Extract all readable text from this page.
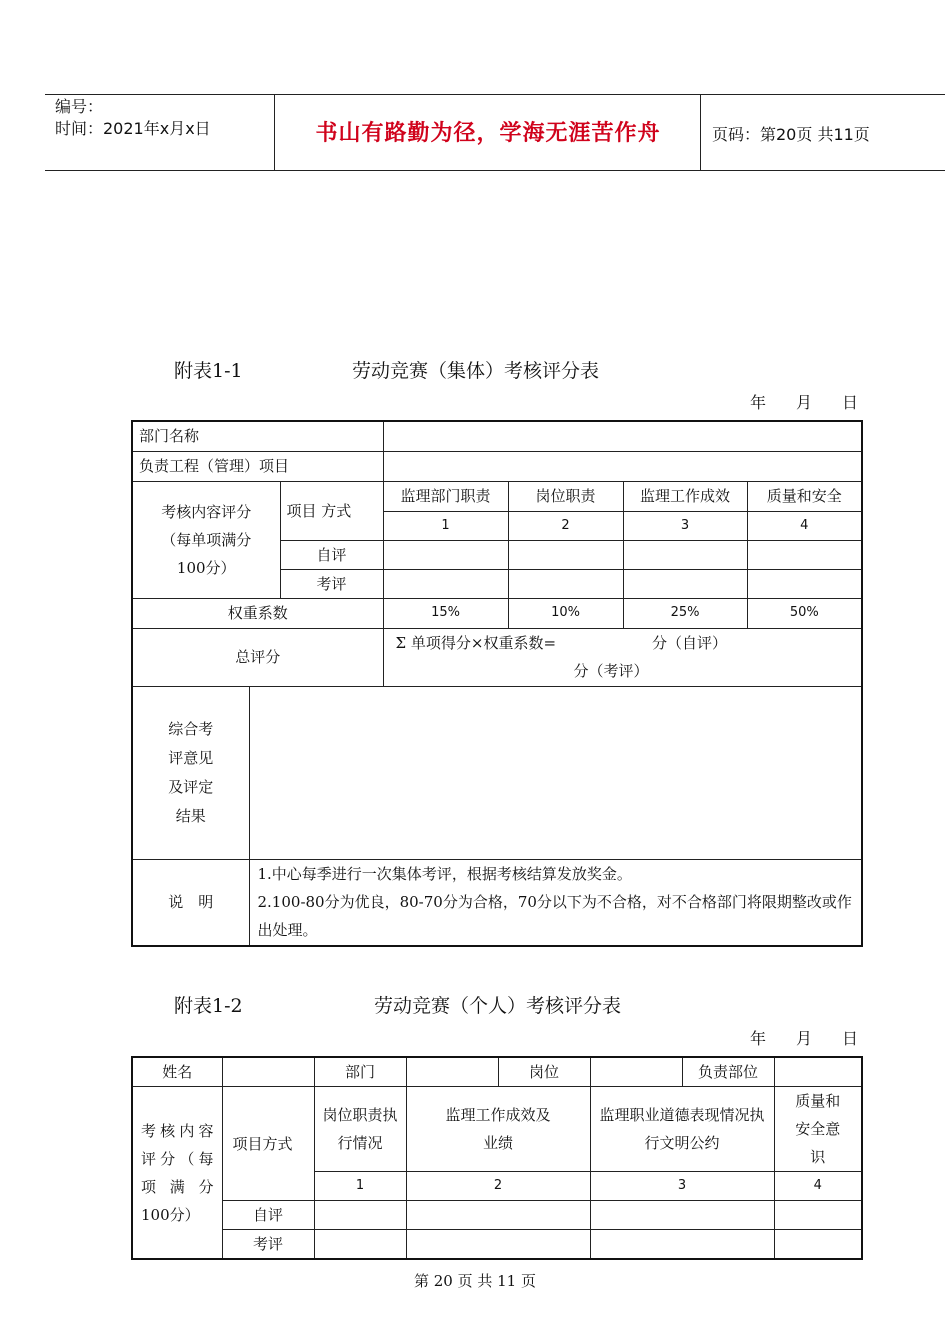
编号：
时间：2021年x月x日	书山有路勤为径，学海无涯苦作舟	页码：第20页 共11页
附表1-1	劳动竞赛（集体）考核评分表
年 月 日
部门名称						
负责工程（管理）项目						
考核内容评分（每单项满分100分）		项目 方式	监理部门职责	岗位职责	监理工作成效	质量和安全
			1	2	3	4
		自评				
		考评				
权重系数			15%	10%	25%	50%
总评分			Σ 单项得分×权重系数= 分（自评）
分（考评）			

综合考评意见及评定结果						

说　明	1.中心每季进行一次集体考评，根据考核结算发放奖金。
2.100-80分为优良，80-70分为合格，70分以下为不合格，对不合格部门将限期整改或作出处理。					
附表1-2	劳动竞赛（个人）考核评分表
年 月 日
姓名		部门		岗位		负责部位	
考核内容评分（每项满分100分）	项目方式	岗位职责执行情况	监理工作成效及业绩		监理职业道德表现情况执行文明公约		质量和安全意识
		1	2		3		4
	自评						
	考评						
第 20 页 共 11 页
